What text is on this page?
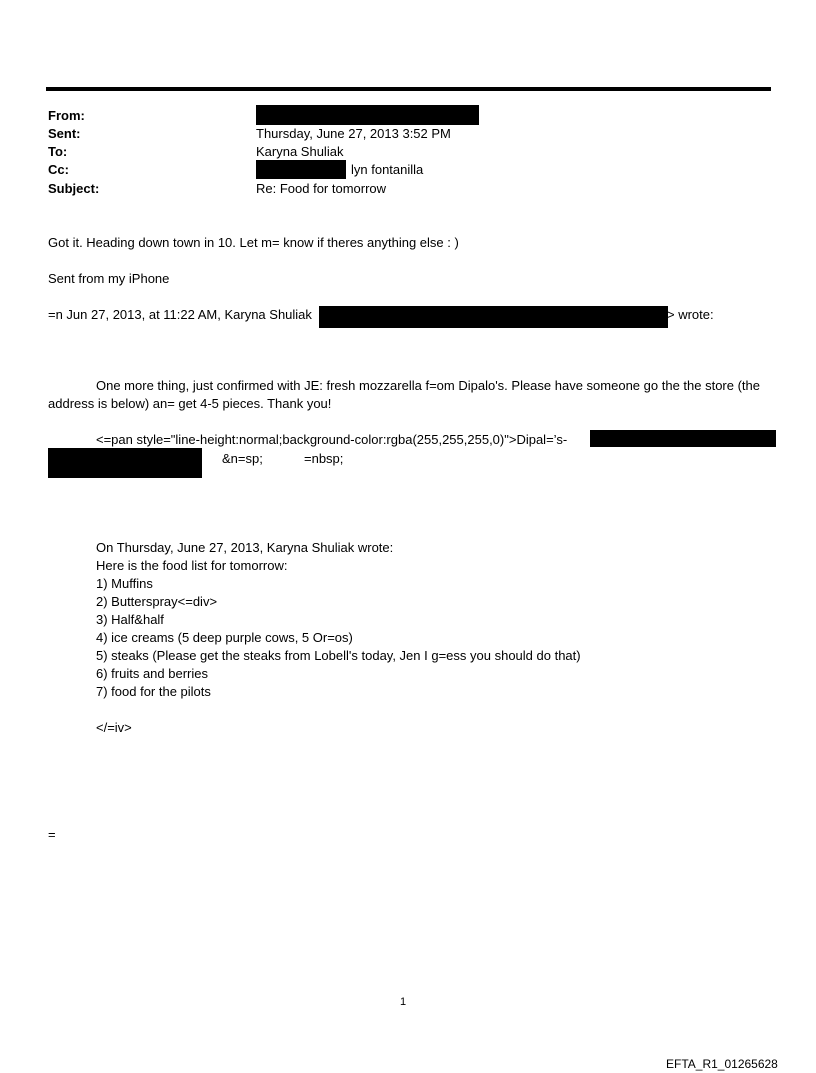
From:
Sent:
To:
Cc:
Subject:
Thursday, June 27, 2013 3:52 PM
Karyna Shuliak
lyn fontanilla
Re: Food for tomorrow
Got it. Heading down town in 10. Let m= know if theres anything else : )
Sent from my iPhone
=n Jun 27, 2013, at 11:22 AM, Karyna Shuliak	> wrote:
One more thing, just confirmed with JE: fresh mozzarella f=om Dipalo's. Please have someone go the the store (the address is below) an= get 4-5 pieces. Thank you!
<=pan style="line-height:normal;background-color:rgba(255,255,255,0)">Dipal=’s-
&n=sp;	=nbsp;
On Thursday, June 27, 2013, Karyna Shuliak wrote:
Here is the food list for tomorrow:
1) Muffins
2) Butterspray<=div>
3) Half&half
4) ice creams (5 deep purple cows, 5 Or=os)
5) steaks (Please get the steaks from Lobell's today, Jen I g=ess you should do that)
6) fruits and berries
7) food for the pilots
</=iv>
=
1
EFTA_R1_01265628
